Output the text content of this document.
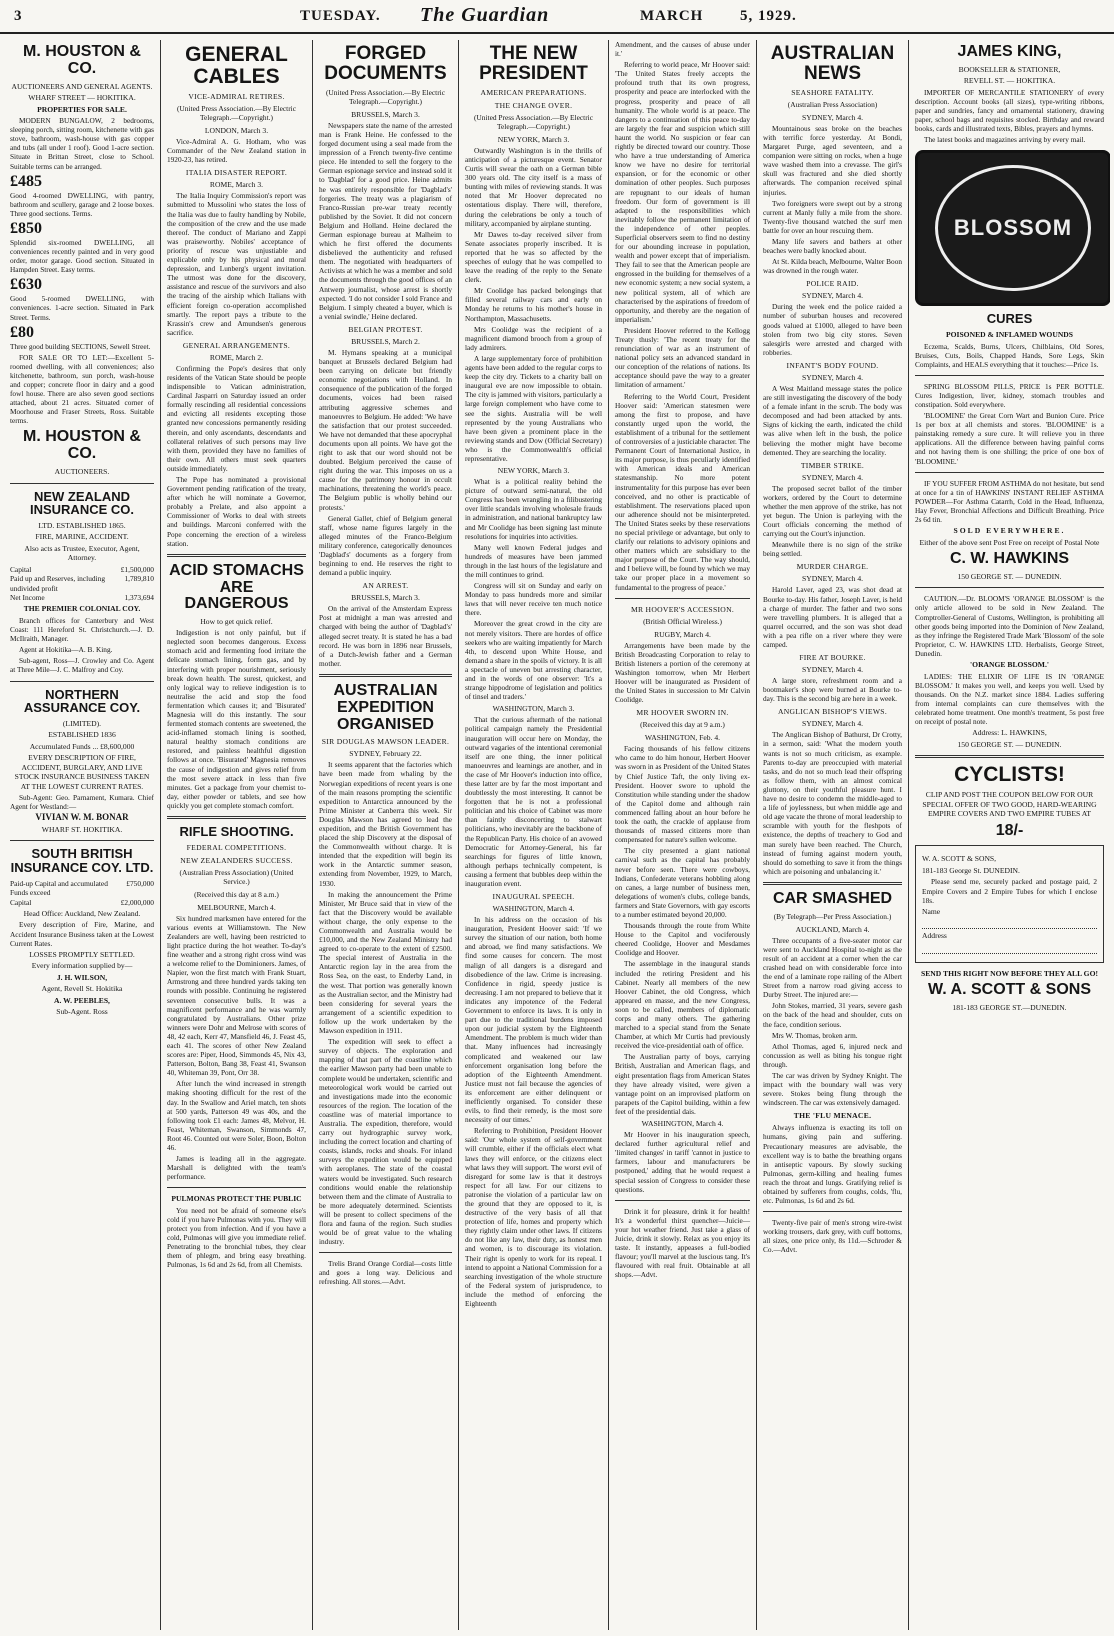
3	TUESDAY. The Guardian	MARCH 5, 1929.
M. HOUSTON & CO.
AUCTIONEERS AND GENERAL AGENTS.
WHARF STREET — HOKITIKA.
PROPERTIES FOR SALE.

MODERN BUNGALOW, 2 bedrooms, sleeping porch, sitting room, kitchenette with gas stove, bathroom, wash-house with gas copper and tubs (all under 1 roof). Good 1-acre section. Situate in Brittan Street, close to School. Suitable terms can be arranged.

£485

Good 4-roomed DWELLING, with pantry, bathroom and scullery, garage and 2 loose boxes. Three good sections. Terms.

£850

Splendid six-roomed DWELLING, all conveniences recently painted and in very good order, motor garage. Good section. Situated in Hampden Street. Easy terms.

£630

Good 5-roomed DWELLING, with conveniences. 1-acre section. Situated in Park Street. Terms.

£80

Three good building SECTIONS, Sewell Street.

FOR SALE OR TO LET:—Excellent 5-roomed dwelling, with all conveniences; also kitchenette, bathroom, sun porch, wash-house and copper; concrete floor in dairy and a good fowl house. There are also seven good sections attached, about 21 acres. Situated corner of Moorhouse and Fraser Streets, Ross. Suitable terms.

M. HOUSTON & CO.
AUCTIONEERS.
NEW ZEALAND INSURANCE CO.
LTD. ESTABLISHED 1865.
FIRE, MARINE, ACCIDENT.
Also acts as Trustee, Executor, Agent, Attorney.
Capital	£1,500,000
Paid up and Reserves, including undivided profit
1,789,810
Net Income	1,373,694
THE PREMIER COLONIAL COY.

Branch offices for Canterbury and West Coast: 111 Hereford St. Christchurch.—J. D. McIlraith, Manager.

Agent at Hokitika—A. B. King.

Sub-agent, Ross—J. Crowley and Co. Agent at Three Mile—J. C. Malfroy and Coy.

NORTHERN ASSURANCE COY.
(LIMITED).
ESTABLISHED 1836
Accumulated Funds ... £8,600,000
EVERY DESCRIPTION OF FIRE, ACCIDENT, BURGLARY, AND LIVE STOCK INSURANCE BUSINESS TAKEN AT THE LOWEST CURRENT RATES.

Sub-Agent: Geo. Parnament, Kumara. Chief Agent for Westland:—

VIVIAN W. M. BONAR
WHARF ST. HOKITIKA.
SOUTH BRITISH INSURANCE COY. LTD.
Paid-up Capital and accumulated Funds exceed
£750,000
Capital	£2,000,000
Head Office: Auckland, New Zealand.

Every description of Fire, Marine, and Accident Insurance Business taken at the Lowest Current Rates.

LOSSES PROMPTLY SETTLED.
Every information supplied by—
J. H. WILSON,
Agent, Revell St. Hokitika
A. W. PEEBLES,
Sub-Agent. Ross
GENERAL CABLES
VICE-ADMIRAL RETIRES.
(United Press Association.—By Electric Telegraph.—Copyright.)
LONDON, March 3.

Vice-Admiral A. G. Hotham, who was Commander of the New Zealand station in 1920-23, has retired.

ITALIA DISASTER REPORT.
ROME, March 3.

The Italia Inquiry Commission's report was submitted to Mussolini who states the loss of the Italia was due to faulty handling by Nobile, the composition of the crew and the use made thereof. The conduct of Mariano and Zappi was praiseworthy. Nobiles' acceptance of priority of rescue was unjustiable and explicable only by his physical and moral depression, and Lunberg's urgent invitation. The utmost was done for the discovery, assistance and rescue of the survivors and also the tracing of the airship which Italians with efficient foreign co-operation accomplished smartly. The report pays a tribute to the Krassin's crew and Amundsen's generous sacrifice.

GENERAL ARRANGEMENTS.
ROME, March 2.

Confirming the Pope's desires that only residents of the Vatican State should be people indispensible to Vatican administration, Cardinal Jasparri on Saturday issued an order formally rescinding all residential concessions and evicting all residents excepting those granted new concessions permanently residing therein, and only ascendants, descendants and collateral relatives of such persons may live with them, provided they have no families of their own. All others must seek quarters outside immediately.

The Pope has nominated a provisional Government pending ratification of the treaty, after which he will nominate a Governor, probably a Prelate, and also appoint a Commissioner of Works to deal with streets and buildings. Marconi conferred with the Pope concerning the erection of a wireless station.

ACID STOMACHS ARE DANGEROUS
How to get quick relief.

Indigestion is not only painful, but if neglected soon becomes dangerous. Excess stomach acid and fermenting food irritate the delicate stomach lining, form gas, and by interfering with proper nourishment, seriously break down health. The surest, quickest, and only logical way to relieve indigestion is to neutralise the acid and stop the food fermentation which causes it; and 'Bisurated' Magnesia will do this instantly. The sour fermented stomach contents are sweetened, the acid-inflamed stomach lining is soothed, natural healthy stomach conditions are restored, and painless healthful digestion follows at once. 'Bisurated' Magnesia removes the cause of indigestion and gives relief from the most severe attack in less than five minutes. Get a package from your chemist to-day, either powder or tablets, and see how quickly you get complete stomach comfort.

RIFLE SHOOTING.
FEDERAL COMPETITIONS.
NEW ZEALANDERS SUCCESS.
(Australian Press Association) (United Service.)
(Received this day at 8 a.m.)
MELBOURNE, March 4.

Six hundred marksmen have entered for the various events at Williamstown. The New Zealanders are well, having been restricted to light practice during the hot weather. To-day's fine weather and a strong right cross wind was a welcome relief to the Dominioners. James, of Napier, won the first match with Frank Stuart, Armstrong and three hundred yards taking ten rounds with possible. Continuing he registered seventeen consecutive bulls. It was a magnificent performance and he was warmly congratulated by Australians. Other prize winners were Dohr and Melrose with scores of 48, 42 each, Kerr 47, Mansfield 46, J. Feast 45, each 41. The scores of other New Zealand scores are: Piper, Hood, Simmonds 45, Nix 43, Patterson, Bolton, Bang 38, Feast 41, Swanson 40, Whiteman 39, Pont, Orr 38.

After lunch the wind increased in strength making shooting difficult for the rest of the day. In the Swallow and Ariel match, ten shots at 500 yards, Patterson 49 was 40s, and the following took £1 each: James 48, Melvor, H. Feast, Whiteman, Swanson, Simmonds 47, Root 46. Counted out were Soler, Boon, Bolton 46.

James is leading all in the aggregate. Marshall is delighted with the team's performance.

PULMONAS PROTECT THE PUBLIC

You need not be afraid of someone else's cold if you have Pulmonas with you. They will protect you from infection. And if you have a cold, Pulmonas will give you immediate relief. Penetrating to the bronchial tubes, they clear them of phlegm, and bring easy breathing. Pulmonas, 1s 6d and 2s 6d, from all Chemists.

FORGED DOCUMENTS
(United Press Association.—By Electric Telegraph.—Copyright.)
BRUSSELS, March 3.

Newspapers state the name of the arrested man is Frank Heine. He confessed to the forged document using a seal made from the impression of a French twenty-five centime piece. He intended to sell the forgery to the German espionage service and instead sold it to 'Dagblad' for a good price. Heine admits he was entirely responsible for 'Dagblad's' forgeries. The treaty was a plagiarism of Franco-Russian pre-war treaty recently published by the Soviet. It did not concern Belgium and Holland. Heine declared the German espionage bureau at Malheim to which he first offered the documents disbelieved the authenticity and refused them. The negotiated with headquarters of Activists at which he was a member and sold the documents through the good offices of an Antwerp journalist, whose arrest is shortly expected. 'I do not consider I sold France and Belgium. I simply cheated a buyer, which is a venial swindle,' Heine declared.

BELGIAN PROTEST.
BRUSSELS, March 2.

M. Hymans speaking at a municipal banquet at Brussels declared Belgium had been carrying on delicate but friendly economic negotiations with Holland. In consequence of the publication of the forged documents, voices had been raised attributing aggressive schemes and manoeuvres to Belgium. He added: 'We have the satisfaction that our protest succeeded. We have not demanded that these apocryphal documents upon all points. We have got the right to ask that our word should not be doubted. Belgium perceived the cause of right during the war. This imposes on us a cause for the patrimony honour in occult machinations, threatening the world's peace. The Belgium public is wholly behind our protests.'

General Gallet, chief of Belgium general staff, whose name figures largely in the alleged minutes of the Franco-Belgium military conference, categorically denounces 'Dagblad's' documents as a forgery from beginning to end. He reserves the right to demand a public inquiry.

AN ARREST.
BRUSSELS, March 3.

On the arrival of the Amsterdam Express Post at midnight a man was arrested and charged with being the author of 'Dagblad's' alleged secret treaty. It is stated he has a bad record. He was born in 1896 near Brussels, of a Dutch-Jewish father and a German mother.

AUSTRALIAN EXPEDITION ORGANISED
SIR DOUGLAS MAWSON LEADER.
SYDNEY, February 22.

It seems apparent that the factories which have been made from whaling by the Norwegian expeditions of recent years is one of the main reasons prompting the scientific expedition to Antarctica announced by the Prime Minister at Canberra this week. Sir Douglas Mawson has agreed to lead the expedition, and the British Government has placed the ship Discovery at the disposal of the Commonwealth without charge. It is intended that the expedition will begin its work in the Antarctic summer season, extending from November, 1929, to March, 1930.

In making the announcement the Prime Minister, Mr Bruce said that in view of the fact that the Discovery would be available without charge, the only expense to the Commonwealth and Australia would be £10,000, and the New Zealand Ministry had agreed to co-operate to the extent of £2500. The special interest of Australia in the Antarctic region lay in the area from the Ross Sea, on the east, to Enderby Land, in the west. That portion was generally known as the Australian sector, and the Ministry had been considering for several years the arrangement of a scientific expedition to follow up the work undertaken by the Mawson expedition in 1911.

The expedition will seek to effect a survey of objects. The exploration and mapping of that part of the coastline which the earlier Mawson party had been unable to complete would be undertaken, scientific and meteorological work would be carried out and investigations made into the economic resources of the region. The location of the coastline was of material importance to Australia. The expedition, therefore, would carry out hydrographic survey work, including the correct location and charting of coasts, islands, rocks and shoals. For inland surveys the expedition would be equipped with aeroplanes. The state of the coastal waters would be investigated. Such research conditions would enable the relationship between them and the climate of Australia to be more adequately determined. Scientists will be present to collect specimens of the flora and fauna of the region. Such studies would be of great value to the whaling industry.

Trelis Brand Orange Cordial—costs little and goes a long way. Delicious and refreshing. All stores.—Advt.

THE NEW PRESIDENT
AMERICAN PREPARATIONS.
THE CHANGE OVER.
(United Press Association.—By Electric Telegraph.—Copyright.)
NEW YORK, March 3.

Outwardly Washington is in the thrills of anticipation of a picturesque event. Senator Curtis will swear the oath on a German bible 300 years old. The city itself is a mass of bunting with miles of reviewing stands. It was noted that Mr Hoover deprecated no ostentatious display. There will, therefore, during the celebrations be only a touch of military, accompanied by airplane stunting.

Mr Dawes to-day received silver from Senate associates properly inscribed. It is reported that he was so affected by the speeches of eulogy that he was compelled to leave the reading of the reply to the Senate clerk.

Mr Coolidge has packed belongings that filled several railway cars and early on Monday he returns to his mother's house in Northampton, Massachusetts.

Mrs Coolidge was the recipient of a magnificent diamond brooch from a group of lady admirers.

A large supplementary force of prohibition agents have been added to the regular corps to keep the city dry. Tickets to a charity ball on inaugural eve are now impossible to obtain. The city is jammed with visitors, particularly a large foreign complement who have come to see the sights. Australia will be well represented by the young Australians who have been given a prominent place in the reviewing stands and Dow (Official Secretary) who is the Commonwealth's official representative.

NEW YORK, March 3.

What is a political reality behind the picture of outward semi-natural, the old Congress has been wrangling in a filibustering over little scandals involving wholesale frauds in administration, and national bankruptcy law and Mr Coolidge has been signing last minute resolutions for inquiries into activities.

Many well known Federal judges and hundreds of measures have been jammed through in the last hours of the legislature and the mill continues to grind.

Congress will sit on Sunday and early on Monday to pass hundreds more and similar laws that will never receive ten much notice there.

Moreover the great crowd in the city are not merely visitors. There are hordes of office seekers who are waiting impatiently for March 4th, to descend upon White House, and demand a share in the spoils of victory. It is all a spectacle of uneven but arresting character, and in the words of one observer: 'It's a strange hippodrome of legislation and politics of tinsel and traders.'

WASHINGTON, March 3.

That the curious aftermath of the national political campaign namely the Presidential inauguration will occur here on Monday, the outward vagaries of the intentional ceremonial itself are one thing, the inner political manoeuvres and learnings are another, and in the case of Mr Hoover's induction into office, these latter are by far the most important and doubtlessly the most interesting. It cannot be forgotten that he is not a professional politician and his choice of Cabinet was more than faintly disconcerting to stalwart politicians, who inevitably are the backbone of the Republican Party. His choice of an avowed Democratic for Attorney-General, his far searchings for figures of little known, although perhaps technically competent, is causing a ferment that bubbles deep within the inauguration event.

INAUGURAL SPEECH.
WASHINGTON, March 4.

In his address on the occasion of his inauguration, President Hoover said: 'If we survey the situation of our nation, both home and abroad, we find many satisfactions. We find some causes for concern. The most malign of all dangers is a disregard and disobedience of the law. Crime is increasing. Confidence in rigid, speedy justice is decreasing. I am not prepared to believe that it indicates any impotence of the Federal Government to enforce its laws. It is only in part due to the traditional burdens imposed upon our judicial system by the Eighteenth Amendment. The problem is much wider than that. Many influences had increasingly complicated and weakened our law enforcement organisation long before the adoption of the Eighteenth Amendment. Justice must not fail because the agencies of its enforcement are either delinquent or inefficiently organised. To consider these evils, to find their remedy, is the most sore necessity of our times.'

Referring to Prohibition, President Hoover said: 'Our whole system of self-government will crumble, either if the officials elect what laws they will enforce, or the citizens elect what laws they will support. The worst evil of disregard for some law is that it destroys respect for all law. For our citizens to patronise the violation of a particular law on the ground that they are opposed to it, is destructive of the very basis of all that protection of life, homes and property which they rightly claim under other laws. If citizens do not like any law, their duty, as honest men and women, is to discourage its violation. Their right is openly to work for its repeal. I intend to appoint a National Commission for a searching investigation of the whole structure of the Federal system of jurisprudence, to include the method of enforcing the Eighteenth

Amendment, and the causes of abuse under it.'

Referring to world peace, Mr Hoover said: 'The United States freely accepts the profound truth that its own progress, prosperity and peace are interlocked with the progress, prosperity and peace of all humanity. The whole world is at peace. The dangers to a continuation of this peace to-day are largely the fear and suspicion which still haunt the world. No suspicion or fear can rightly be directed toward our country. Those who have a true understanding of America know we have no desire for territorial expansion, or for the economic or other domination of other peoples. Such purposes are repugnant to our ideals of human freedom. Our form of government is ill adapted to the responsibilities which inevitably follow the permanent limitation of the independence of other peoples. Superficial observers seem to find no destiny for our abounding increase in population, wealth and power except that of imperialism. They fail to see that the American people are engrossed in the building for themselves of a new economic system; a new social system, a new political system, all of which are characterised by the aspirations of freedom of opportunity, and thereby are the negation of imperialism.'

President Hoover referred to the Kellogg Treaty thusly: 'The recent treaty for the renunciation of war as an instrument of national policy sets an advanced standard in our conception of the relations of nations. Its acceptance should pave the way to a greater limitation of armament.'

Referring to the World Court, President Hoover said: 'American statesmen were among the first to propose, and have constantly urged upon the world, the establishment of a tribunal for the settlement of controversies of a justiciable character. The Permanent Court of International Justice, in its major purpose, is thus peculiarly identified with American ideals and American statesmanship. No more potent instrumentality for this purpose has ever been conceived, and no other is practicable of establishment. The reservations placed upon our adherence should not be misinterpreted. The United States seeks by these reservations no special privilege or advantage, but only to clarify our relations to advisory opinions and other matters which are subsidiary to the major purpose of the Court. The way should, and I believe will, be found by which we may take our proper place in a movement so fundamental to the progress of peace.'

MR HOOVER'S ACCESSION.
(British Official Wireless.)
RUGBY, March 4.

Arrangements have been made by the British Broadcasting Corporation to relay to British listeners a portion of the ceremony at Washington tomorrow, when Mr Herbert Hoover will be inaugurated as President of the United States in succession to Mr Calvin Coolidge.

MR HOOVER SWORN IN.
(Received this day at 9 a.m.)
WASHINGTON, Feb. 4.

Facing thousands of his fellow citizens who came to do him honour, Herbert Hoover was sworn in as President of the United States by Chief Justice Taft, the only living ex-President. Hoover swore to uphold the Constitution while standing under the shadow of the Capitol dome and although rain commenced falling about an hour before he took the oath, the crackle of applause from thousands of massed citizens more than compensated for nature's sullen welcome.

The city presented a giant national carnival such as the capital has probably never before seen. There were cowboys, Indians, Confederate veterans hobbling along on canes, a large number of business men, delegations of women's clubs, college bands, farmers and State Governors, with gay escorts to a number estimated beyond 20,000.

Thousands through the route from White House to the Capitol and vociferously cheered Coolidge, Hoover and Mesdames Coolidge and Hoover.

The assemblage in the inaugural stands included the retiring President and his Cabinet. Nearly all members of the new Hoover Cabinet, the old Congress, which appeared en masse, and the new Congress, soon to be called, members of diplomatic corps and many others. The gathering marched to a special stand from the Senate Chamber, at which Mr Curtis had previously received the vice-presidential oath of office.

The Australian party of boys, carrying British, Australian and American flags, and eight presentation flags from American States they have already visited, were given a vantage point on an improvised platform on parapets of the Capitol building, within a few feet of the presidential dais.

WASHINGTON, March 4.

Mr Hoover in his inauguration speech, declared further agricultural relief and 'limited changes' in tariff 'cannot in justice to farmers, labour and manufacturers be postponed,' adding that he would request a special session of Congress to consider these questions.

Drink it for pleasure, drink it for health! It's a wonderful thirst quencher—Juicie—your hot weather friend. Just take a glass of Juicie, drink it slowly. Relax as you enjoy its taste. It instantly, appeases a full-bodied flavour; you'll marvel at the luscious tang. It's flavoured with real fruit. Obtainable at all shops.—Advt.

AUSTRALIAN NEWS
SEASHORE FATALITY.
(Australian Press Association)
SYDNEY, March 4.

Mountainous seas broke on the beaches with terrific force yesterday. At Bondi, Margaret Purge, aged seventeen, and a companion were sitting on rocks, when a huge wave washed them into a crevasse. The girl's skull was fractured and she died shortly afterwards. The companion received spinal injuries.

Two foreigners were swept out by a strong current at Manly fully a mile from the shore. Twenty-five thousand watched the surf men battle for over an hour rescuing them.

Many life savers and bathers at other beaches were badly knocked about.

At St. Kilda beach, Melbourne, Walter Boon was drowned in the rough water.

POLICE RAID.
SYDNEY, March 4.

During the week end the police raided a number of suburban houses and recovered goods valued at £1000, alleged to have been stolen from two big city stores. Seven salesgirls were arrested and charged with robberies.

INFANT'S BODY FOUND.
SYDNEY, March 4.

A West Maitland message states the police are still investigating the discovery of the body of a female infant in the scrub. The body was decomposed and had been attacked by ants. Signs of kicking the earth, indicated the child was alive when left in the bush, the police believing the mother might have become demented. They are searching the locality.

TIMBER STRIKE.
SYDNEY, March 4.

The proposed secret ballot of the timber workers, ordered by the Court to determine whether the men approve of the strike, has not yet begun. The Union is parleying with the Court officials concerning the method of carrying out the Court's injunction.

Meanwhile there is no sign of the strike being settled.

MURDER CHARGE.
SYDNEY, March 4.

Harold Laver, aged 23, was shot dead at Bourke to-day. His father, Joseph Laver, is held a charge of murder. The father and two sons were travelling plumbers. It is alleged that a quarrel occurred, and the son was shot dead with a pea rifle on a river where they were camped.

FIRE AT BOURKE.
SYDNEY, March 4.

A large store, refreshment room and a bootmaker's shop were burned at Bourke to-day. This is the second big are here in a week.

ANGLICAN BISHOP'S VIEWS.
SYDNEY, March 4.

The Anglican Bishop of Bathurst, Dr Crotty, in a sermon, said: 'What the modern youth wants is not so much criticism, as example. Parents to-day are preoccupied with material tasks, and do not so much lead their offspring as follow them, with an almost comical gluttony, on their youthful pleasure hunt. I have no desire to condemn the middle-aged to a life of joylessness, but when middle age and old age vacate the throne of moral leadership to scramble with youth for the fleshpots of existence, the depths of treachery to God and man surely have been reached. The Church, instead of fuming against modern youth, should do something to save it from the things which are poisoning and unbalancing it.'

CAR SMASHED
(By Telegraph—Per Press Association.)
AUCKLAND, March 4.

Three occupants of a five-seater motor car were sent to Auckland Hospital to-night as the result of an accident at a corner when the car crashed head on with considerable force into the end of a laminate rope railing of the Albert Street from a narrow road giving access to Durby Street. The injured are:—

John Stokes, married, 31 years, severe gash on the back of the head and shoulder, cuts on the face, condition serious.

Mrs W. Thomas, broken arm.

Athol Thomas, aged 6, injured neck and concussion as well as biting his tongue right through.

The car was driven by Sydney Knight. The impact with the boundary wall was very severe. Stokes being flung through the windscreen. The car was extensively damaged.

THE 'FLU MENACE.

Always influenza is exacting its toll on humans, giving pain and suffering. Precautionary measures are advisable, the excellent way is to bathe the breathing organs in antiseptic vapours. By slowly sucking Pulmonas, germ-killing and healing fumes reach the throat and lungs. Gratifying relief is obtained by sufferers from coughs, colds, 'flu, etc. Pulmonas, 1s 6d and 2s 6d.

Twenty-five pair of men's strong wire-twist working trousers, dark grey, with cuff bottoms, all sizes, one price only, 8s 11d.—Schroder & Co.—Advt.

JAMES KING,
BOOKSELLER & STATIONER,
REVELL ST. — HOKITIKA.

IMPORTER OF MERCANTILE STATIONERY of every description. Account books (all sizes), type-writing ribbons, paper and sundries, fancy and ornamental stationery, drawing paper, school bags and requisites stocked. Birthday and reward books, cards and illustrated texts, Bibles, prayers and hymns.

The latest books and magazines arriving by every mail.

BLOSSOM
CURES
POISONED & INFLAMED WOUNDS

Eczema, Scalds, Burns, Ulcers, Chilblains, Old Sores, Bruises, Cuts, Boils, Chapped Hands, Sore Legs, Skin Complaints, and HEALS everything that it touches:—Price 1s.

SPRING BLOSSOM PILLS, PRICE 1s PER BOTTLE. Cures Indigestion, liver, kidney, stomach troubles and constipation. Sold everywhere.

'BLOOMINE' the Great Corn Wart and Bunion Cure. Price 1s per box at all chemists and stores. 'BLOOMINE' is a painstaking remedy a sure cure. It will relieve you in three applications. All the difference between having painful corns and not having them is one shilling; the price of one box of 'BLOOMINE.'

IF YOU SUFFER FROM ASTHMA do not hesitate, but send at once for a tin of HAWKINS' INSTANT RELIEF ASTHMA POWDER—For Asthma Catarrh, Cold in the Head, Influenza, Hay Fever, Bronchial Affections and Difficult Breathing. Price 2s 6d tin.

SOLD EVERYWHERE.
Either of the above sent Post Free on receipt of Postal Note
C. W. HAWKINS
150 GEORGE ST. — DUNEDIN.

CAUTION.—Dr. BLOOM'S 'ORANGE BLOSSOM' is the only article allowed to be sold in New Zealand. The Comptroller-General of Customs, Wellington, is prohibiting all other goods being imported into the Dominion of New Zealand, as they infringe the Registered Trade Mark 'Blossom' of the sole Proprietor, C. W. HAWKINS LTD. Herbalists, George Street, Dunedin.

'ORANGE BLOSSOM.'

LADIES: THE ELIXIR OF LIFE IS IN 'ORANGE BLOSSOM.' It makes you well, and keeps you well. Used by thousands. On the N.Z. market since 1884. Ladies suffering from internal complaints can cure themselves with the celebrated home treatment. One month's treatment, 5s post free on receipt of postal note.

Address: L. HAWKINS,
150 GEORGE ST. — DUNEDIN.
CYCLISTS!
CLIP AND POST THE COUPON BELOW FOR OUR SPECIAL OFFER OF TWO GOOD, HARD-WEARING EMPIRE COVERS AND TWO EMPIRE TUBES AT
18/-
W. A. SCOTT & SONS,
181-183 George St. DUNEDIN.

Please send me, securely packed and postage paid, 2 Empire Covers and 2 Empire Tubes for which I enclose 18s.

Name
Address
SEND THIS RIGHT NOW BEFORE THEY ALL GO!
W. A. SCOTT & SONS
181-183 GEORGE ST.—DUNEDIN.
